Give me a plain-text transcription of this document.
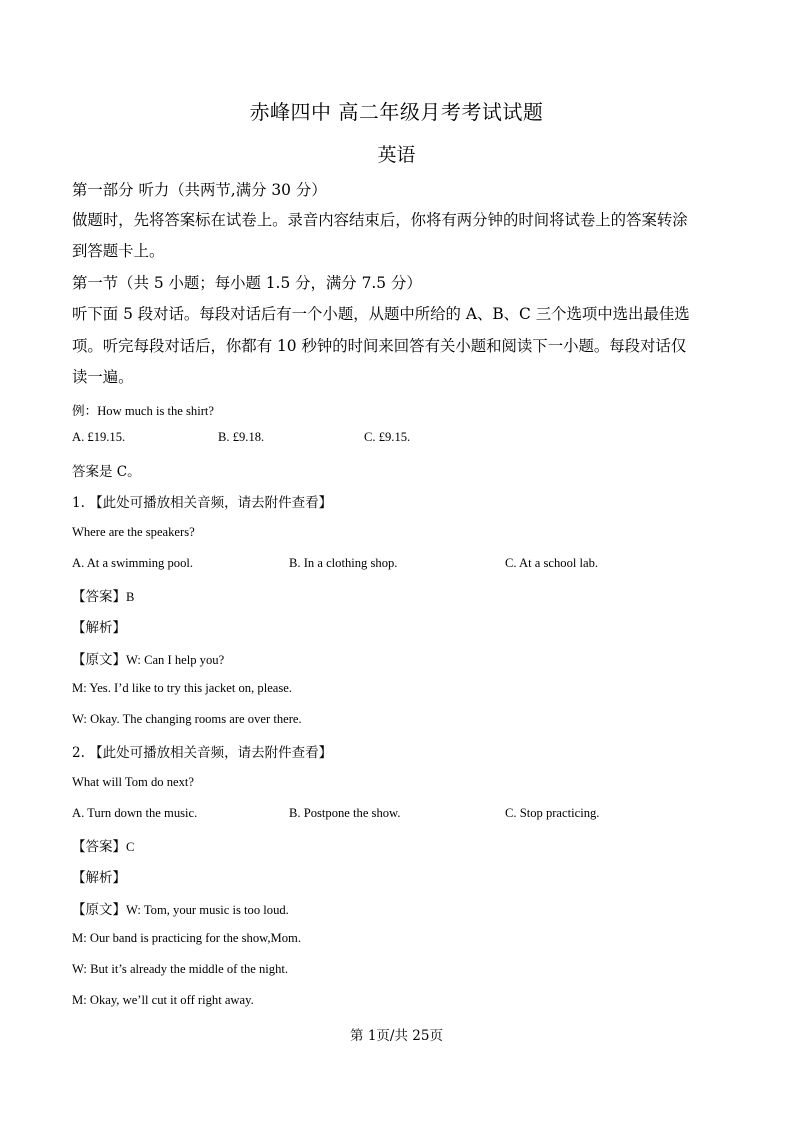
赤峰四中 高二年级月考考试试题
英语
第一部分 听力（共两节,满分 30 分）
做题时，先将答案标在试卷上。录音内容结束后，你将有两分钟的时间将试卷上的答案转涂
到答题卡上。
第一节（共 5 小题；每小题 1.5 分，满分 7.5 分）
听下面 5 段对话。每段对话后有一个小题，从题中所给的 A、B、C 三个选项中选出最佳选
项。听完每段对话后，你都有 10 秒钟的时间来回答有关小题和阅读下一小题。每段对话仅
读一遍。
例：How much is the shirt?
A. £19.15.	B. £9.18.	C. £9.15.
答案是 C。
1. 【此处可播放相关音频，请去附件查看】
Where are the speakers?
A. At a swimming pool.	B. In a clothing shop.	C. At a school lab.
【答案】B
【解析】
【原文】W: Can I help you?
M: Yes. I’d like to try this jacket on, please.
W: Okay. The changing rooms are over there.
2. 【此处可播放相关音频，请去附件查看】
What will Tom do next?
A. Turn down the music.	B. Postpone the show.	C. Stop practicing.
【答案】C
【解析】
【原文】W: Tom, your music is too loud.
M: Our band is practicing for the show,Mom.
W: But it’s already the middle of the night.
M: Okay, we’ll cut it off right away.
第 1页/共 25页
